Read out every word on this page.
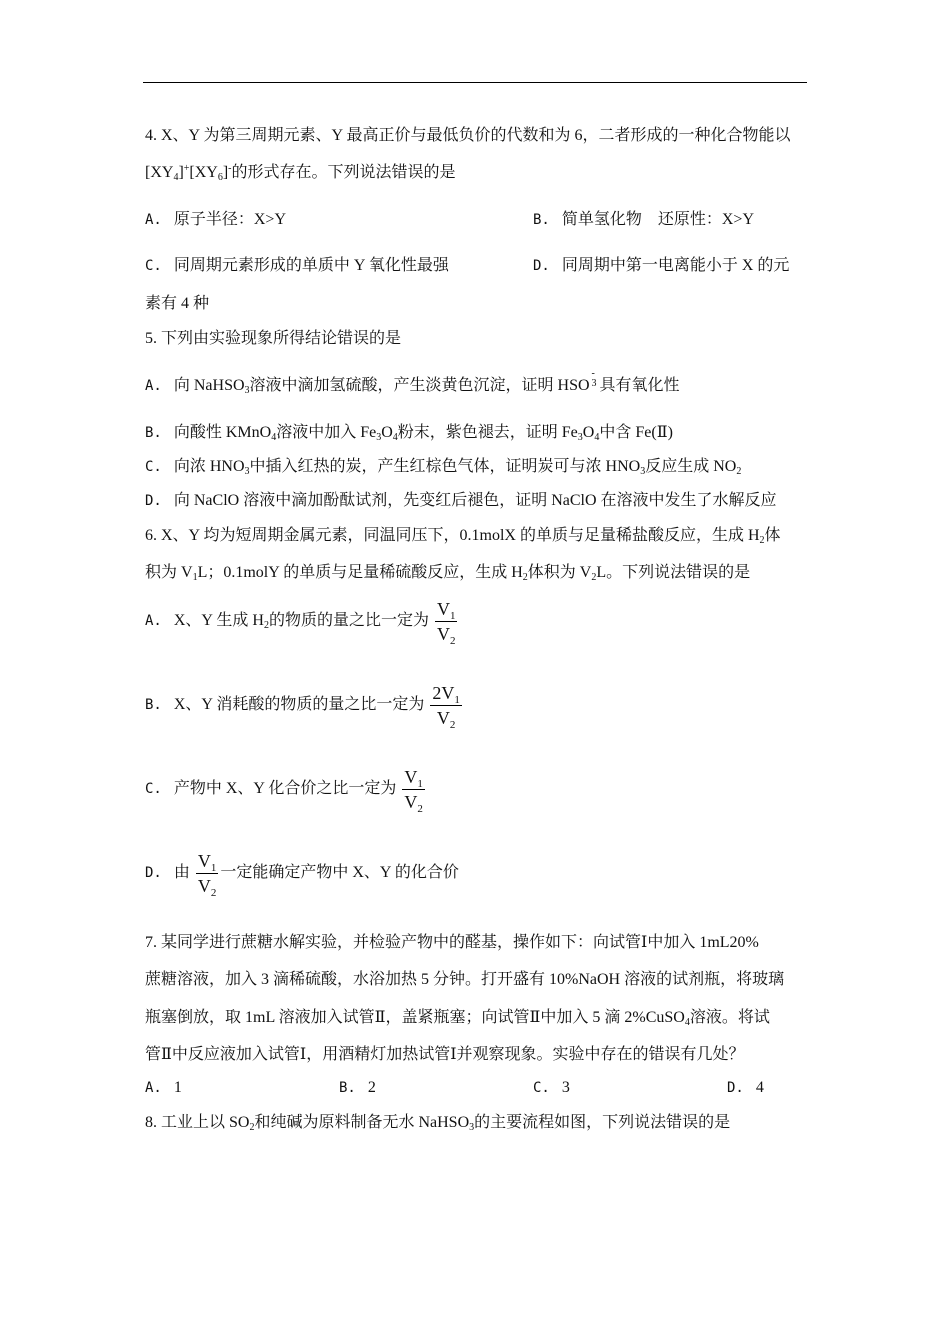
4. X、Y 为第三周期元素、Y 最高正价与最低负价的代数和为 6，二者形成的一种化合物能以
$[XY_4]^+[XY_6]^-$的形式存在。下列说法错误的是
A. 原子半径：X>Y	B. 简单氢化物　还原性：X>Y
C. 同周期元素形成的单质中 Y 氧化性最强	D. 同周期中第一电离能小于 X 的元
素有 4 种
5. 下列由实验现象所得结论错误的是
A. 向 NaHSO$_3$溶液中滴加氢硫酸，产生淡黄色沉淀，证明 HSO
-
3 具有氧化性
B. 向酸性 KMnO$_4$溶液中加入 $Fe_3O_4$粉末，紫色褪去，证明 $Fe_3O_4$中含 Fe(Ⅱ)
C. 向浓 $HNO_3$中插入红热的炭，产生红棕色气体，证明炭可与浓 $HNO_3$反应生成 $NO_2$
D. 向 NaClO 溶液中滴加酚酞试剂，先变红后褪色，证明 NaClO 在溶液中发生了水解反应
6. X、Y 均为短周期金属元素，同温同压下，0.1molX 的单质与足量稀盐酸反应，生成 $H_2$体
积为 $V_1L$；0.1molY 的单质与足量稀硫酸反应，生成 $H_2$体积为 $V_2L$。下列说法错误的是
A. X、Y 生成 $H_2$的物质的量之比一定为 $\frac{V_1}{V_2}$
B. X、Y 消耗酸的物质的量之比一定为 $\frac{2V_1}{V_2}$
C. 产物中 X、Y 化合价之比一定为 $\frac{V_1}{V_2}$
D. 由 $\frac{V_1}{V_2}$ 一定能确定产物中 X、Y 的化合价
7. 某同学进行蔗糖水解实验，并检验产物中的醛基，操作如下：向试管Ⅰ中加入 1mL20%
蔗糖溶液，加入 3 滴稀硫酸，水浴加热 5 分钟。打开盛有 10%NaOH 溶液的试剂瓶，将玻璃
瓶塞倒放，取 1mL 溶液加入试管Ⅱ，盖紧瓶塞；向试管Ⅱ中加入 5 滴 2%CuSO$_4$溶液。将试
管Ⅱ中反应液加入试管Ⅰ，用酒精灯加热试管Ⅰ并观察现象。实验中存在的错误有几处？
A. 1	B. 2	C. 3	D. 4
8. 工业上以 $SO_2$和纯碱为原料制备无水 NaHSO$_3$的主要流程如图，下列说法错误的是
